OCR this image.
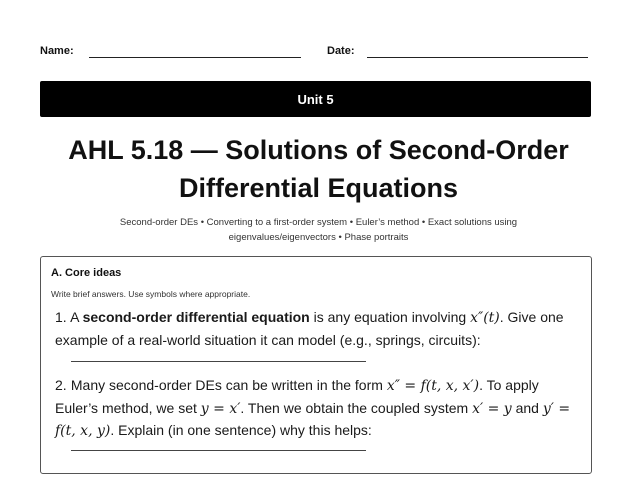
Name:	Date:
Unit 5
AHL 5.18 — Solutions of Second-Order
Differential Equations
Second-order DEs • Converting to a first-order system • Euler’s method • Exact solutions using
eigenvalues/eigenvectors • Phase portraits
A. Core ideas
Write brief answers. Use symbols where appropriate.
1. A second-order differential equation is any equation involving x″(t). Give one example of a real-world situation it can model (e.g., springs, circuits):
2. Many second-order DEs can be written in the form x″ = f(t, x, x′). To apply Euler’s method, we set y = x′. Then we obtain the coupled system x′ = y and y′ = f(t, x, y). Explain (in one sentence) why this helps:
